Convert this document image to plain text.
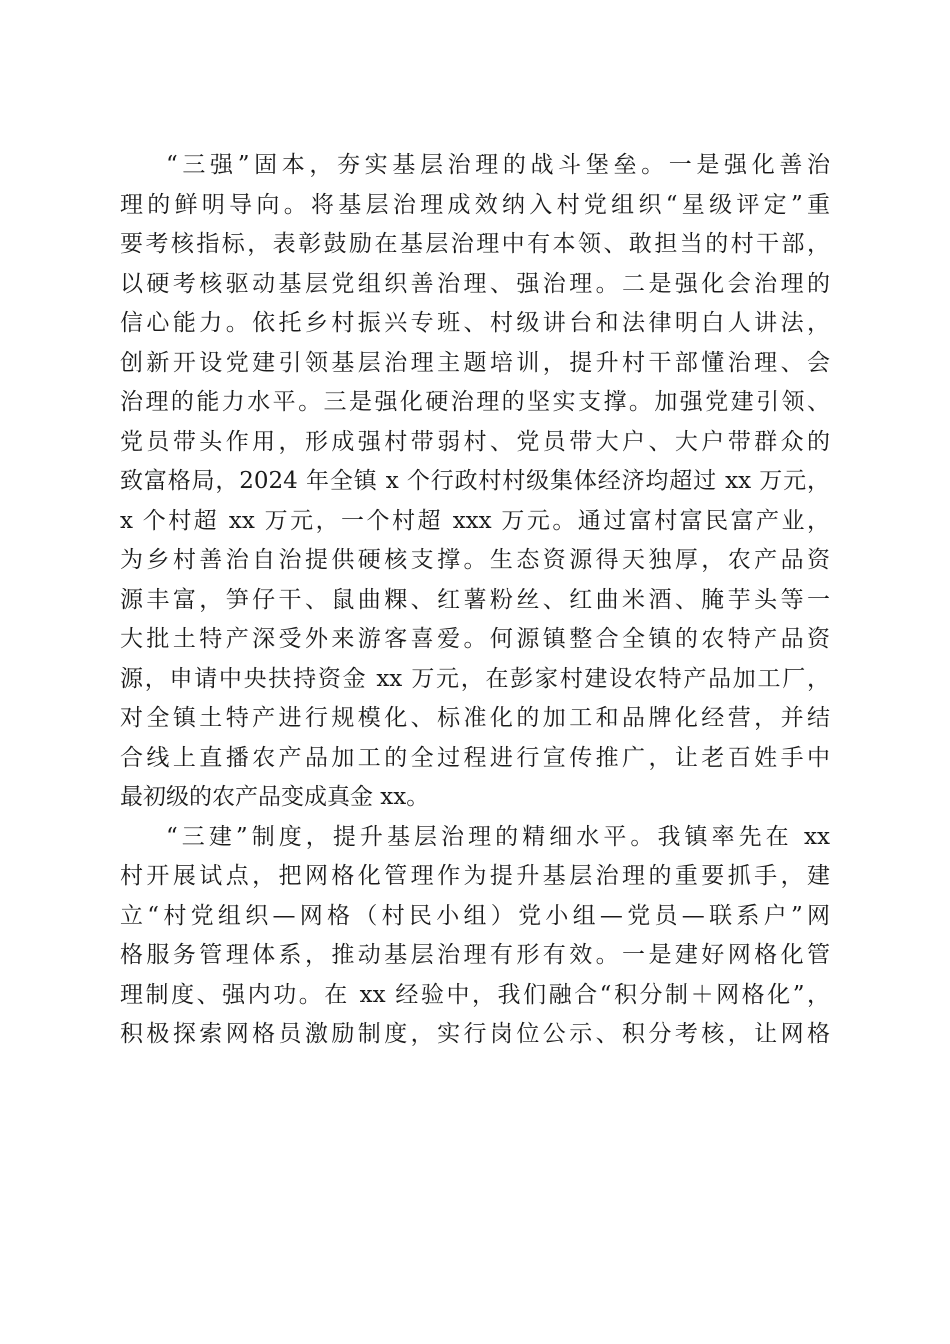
“三强”固本，夯实基层治理的战斗堡垒。一是强化善治
理的鲜明导向。将基层治理成效纳入村党组织“星级评定”重
要考核指标，表彰鼓励在基层治理中有本领、敢担当的村干部，
以硬考核驱动基层党组织善治理、强治理。二是强化会治理的
信心能力。依托乡村振兴专班、村级讲台和法律明白人讲法，
创新开设党建引领基层治理主题培训，提升村干部懂治理、会
治理的能力水平。三是强化硬治理的坚实支撑。加强党建引领、
党员带头作用，形成强村带弱村、党员带大户、大户带群众的
致富格局，2024 年全镇 x 个行政村村级集体经济均超过 xx 万元，
x 个村超 xx 万元，一个村超 xxx 万元。通过富村富民富产业，
为乡村善治自治提供硬核支撑。生态资源得天独厚，农产品资
源丰富，笋仔干、鼠曲粿、红薯粉丝、红曲米酒、腌芋头等一
大批土特产深受外来游客喜爱。何源镇整合全镇的农特产品资
源，申请中央扶持资金 xx 万元，在彭家村建设农特产品加工厂，
对全镇土特产进行规模化、标准化的加工和品牌化经营，并结
合线上直播农产品加工的全过程进行宣传推广，让老百姓手中
最初级的农产品变成真金 xx。
“三建”制度，提升基层治理的精细水平。我镇率先在 xx
村开展试点，把网格化管理作为提升基层治理的重要抓手，建
立“村党组织—网格（村民小组）党小组—党员—联系户”网
格服务管理体系，推动基层治理有形有效。一是建好网格化管
理制度、强内功。在 xx 经验中，我们融合“积分制＋网格化”，
积极探索网格员激励制度，实行岗位公示、积分考核，让网格
